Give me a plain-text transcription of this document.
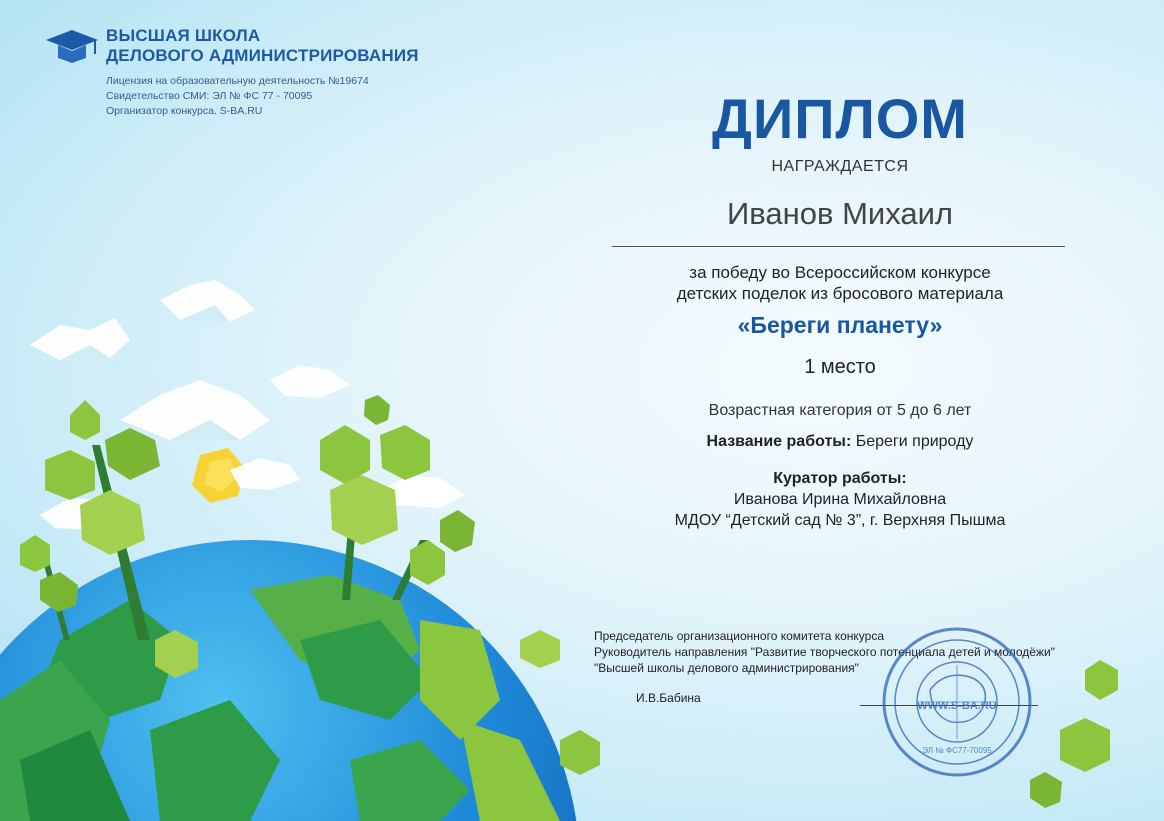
ВЫСШАЯ ШКОЛА
ДЕЛОВОГО АДМИНИСТРИРОВАНИЯ
Лицензия на образовательную деятельность №19674
Свидетельство СМИ: ЭЛ № ФС 77 - 70095
Организатор конкурса. S-BA.RU	ДИПЛОМ
НАГРАЖДАЕТСЯ
Иванов Михаил
за победу во Всероссийском конкурсе
детских поделок из бросового материала
«Береги планету»
1 место
Возрастная категория от 5 до 6 лет
Название работы: Береги природу
Куратор работы:
Иванова Ирина Михайловна
МДОУ “Детский сад № 3”, г. Верхняя Пышма
Председатель организационного комитета конкурса
Руководитель направления "Развитие творческого потенциала детей и молодёжи"
"Высшей школы делового администрирования"
И.В.Бабина
WWW.S-BA.RU
ЭЛ № ФС77-70095
